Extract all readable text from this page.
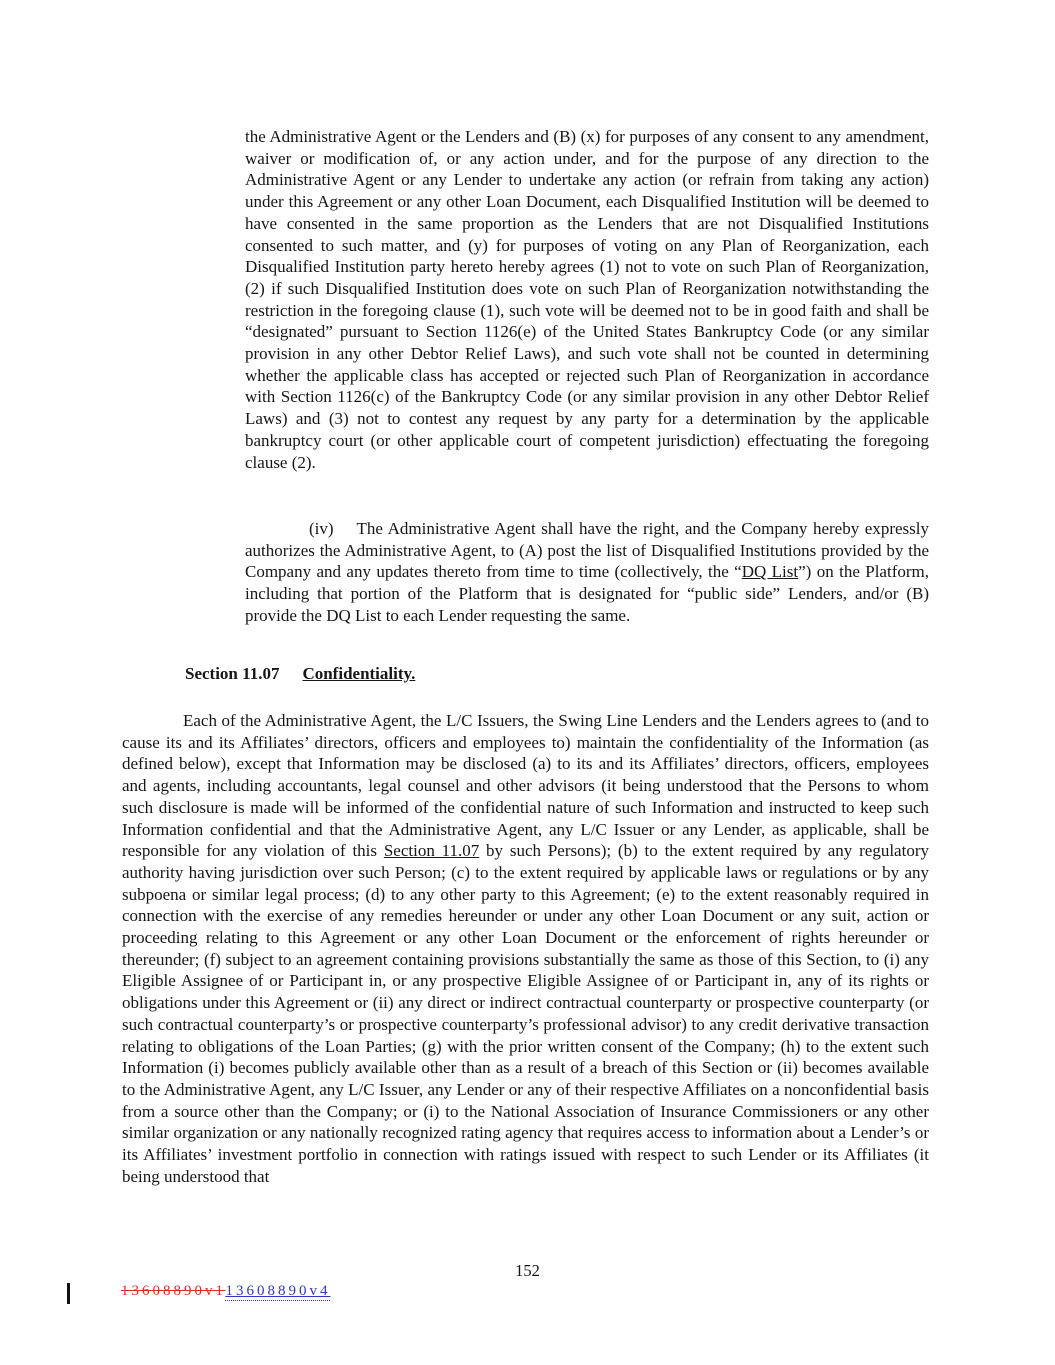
the Administrative Agent or the Lenders and (B) (x) for purposes of any consent to any amendment, waiver or modification of, or any action under, and for the purpose of any direction to the Administrative Agent or any Lender to undertake any action (or refrain from taking any action) under this Agreement or any other Loan Document, each Disqualified Institution will be deemed to have consented in the same proportion as the Lenders that are not Disqualified Institutions consented to such matter, and (y) for purposes of voting on any Plan of Reorganization, each Disqualified Institution party hereto hereby agrees (1) not to vote on such Plan of Reorganization, (2) if such Disqualified Institution does vote on such Plan of Reorganization notwithstanding the restriction in the foregoing clause (1), such vote will be deemed not to be in good faith and shall be “designated” pursuant to Section 1126(e) of the United States Bankruptcy Code (or any similar provision in any other Debtor Relief Laws), and such vote shall not be counted in determining whether the applicable class has accepted or rejected such Plan of Reorganization in accordance with Section 1126(c) of the Bankruptcy Code (or any similar provision in any other Debtor Relief Laws) and (3) not to contest any request by any party for a determination by the applicable bankruptcy court (or other applicable court of competent jurisdiction) effectuating the foregoing clause (2).
(iv) The Administrative Agent shall have the right, and the Company hereby expressly authorizes the Administrative Agent, to (A) post the list of Disqualified Institutions provided by the Company and any updates thereto from time to time (collectively, the “DQ List”) on the Platform, including that portion of the Platform that is designated for “public side” Lenders, and/or (B) provide the DQ List to each Lender requesting the same.
Section 11.07 Confidentiality.
Each of the Administrative Agent, the L/C Issuers, the Swing Line Lenders and the Lenders agrees to (and to cause its and its Affiliates’ directors, officers and employees to) maintain the confidentiality of the Information (as defined below), except that Information may be disclosed (a) to its and its Affiliates’ directors, officers, employees and agents, including accountants, legal counsel and other advisors (it being understood that the Persons to whom such disclosure is made will be informed of the confidential nature of such Information and instructed to keep such Information confidential and that the Administrative Agent, any L/C Issuer or any Lender, as applicable, shall be responsible for any violation of this Section 11.07 by such Persons); (b) to the extent required by any regulatory authority having jurisdiction over such Person; (c) to the extent required by applicable laws or regulations or by any subpoena or similar legal process; (d) to any other party to this Agreement; (e) to the extent reasonably required in connection with the exercise of any remedies hereunder or under any other Loan Document or any suit, action or proceeding relating to this Agreement or any other Loan Document or the enforcement of rights hereunder or thereunder; (f) subject to an agreement containing provisions substantially the same as those of this Section, to (i) any Eligible Assignee of or Participant in, or any prospective Eligible Assignee of or Participant in, any of its rights or obligations under this Agreement or (ii) any direct or indirect contractual counterparty or prospective counterparty (or such contractual counterparty’s or prospective counterparty’s professional advisor) to any credit derivative transaction relating to obligations of the Loan Parties; (g) with the prior written consent of the Company; (h) to the extent such Information (i) becomes publicly available other than as a result of a breach of this Section or (ii) becomes available to the Administrative Agent, any L/C Issuer, any Lender or any of their respective Affiliates on a nonconfidential basis from a source other than the Company; or (i) to the National Association of Insurance Commissioners or any other similar organization or any nationally recognized rating agency that requires access to information about a Lender’s or its Affiliates’ investment portfolio in connection with ratings issued with respect to such Lender or its Affiliates (it being understood that
152
13608890v113608890v4
